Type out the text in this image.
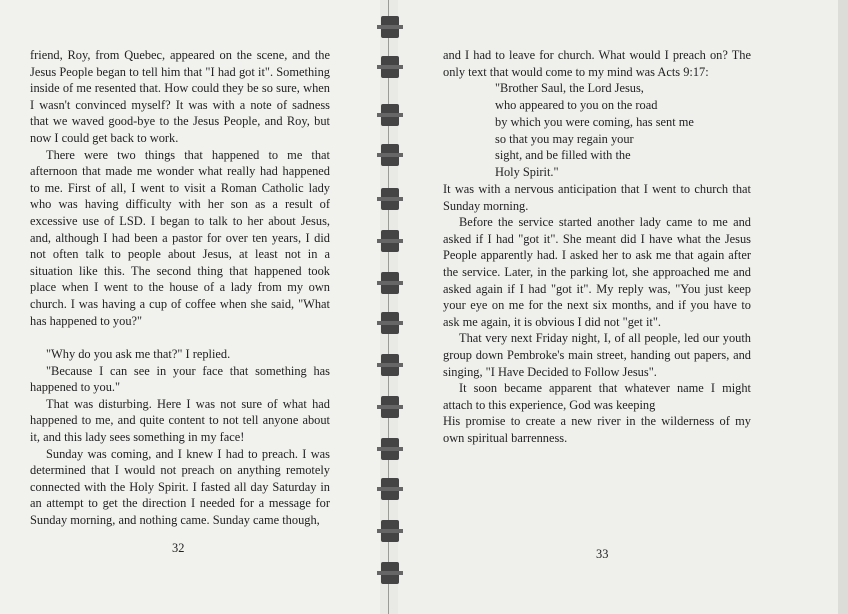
friend, Roy, from Quebec, appeared on the scene, and the Jesus People began to tell him that "I had got it". Something inside of me resented that. How could they be so sure, when I wasn't convinced myself? It was with a note of sadness that we waved good-bye to the Jesus People, and Roy, but now I could get back to work.

There were two things that happened to me that afternoon that made me wonder what really had happened to me. First of all, I went to visit a Roman Catholic lady who was having difficulty with her son as a result of excessive use of LSD. I began to talk to her about Jesus, and, although I had been a pastor for over ten years, I did not often talk to people about Jesus, at least not in a situation like this. The second thing that happened took place when I went to the house of a lady from my own church. I was having a cup of coffee when she said, "What has happened to you?"

"Why do you ask me that?" I replied.

"Because I can see in your face that something has happened to you."

That was disturbing. Here I was not sure of what had happened to me, and quite content to not tell anyone about it, and this lady sees something in my face!

Sunday was coming, and I knew I had to preach. I was determined that I would not preach on anything remotely connected with the Holy Spirit. I fasted all day Saturday in an attempt to get the direction I needed for a message for Sunday morning, and nothing came. Sunday came though,

32

and I had to leave for church. What would I preach on? The only text that would come to my mind was Acts 9:17:

"Brother Saul, the Lord Jesus,
who appeared to you on the road
by which you were coming, has sent me
so that you may regain your
sight, and be filled with the
Holy Spirit."

It was with a nervous anticipation that I went to church that Sunday morning.

Before the service started another lady came to me and asked if I had "got it". She meant did I have what the Jesus People apparently had. I asked her to ask me that again after the service. Later, in the parking lot, she approached me and asked again if I had "got it". My reply was, "You just keep your eye on me for the next six months, and if you have to ask me again, it is obvious I did not "get it".

That very next Friday night, I, of all people, led our youth group down Pembroke's main street, handing out papers, and singing, "I Have Decided to Follow Jesus".

It soon became apparent that whatever name I might attach to this experience, God was keeping

His promise to create a new river in the wilderness of my own spiritual barrenness.

33
